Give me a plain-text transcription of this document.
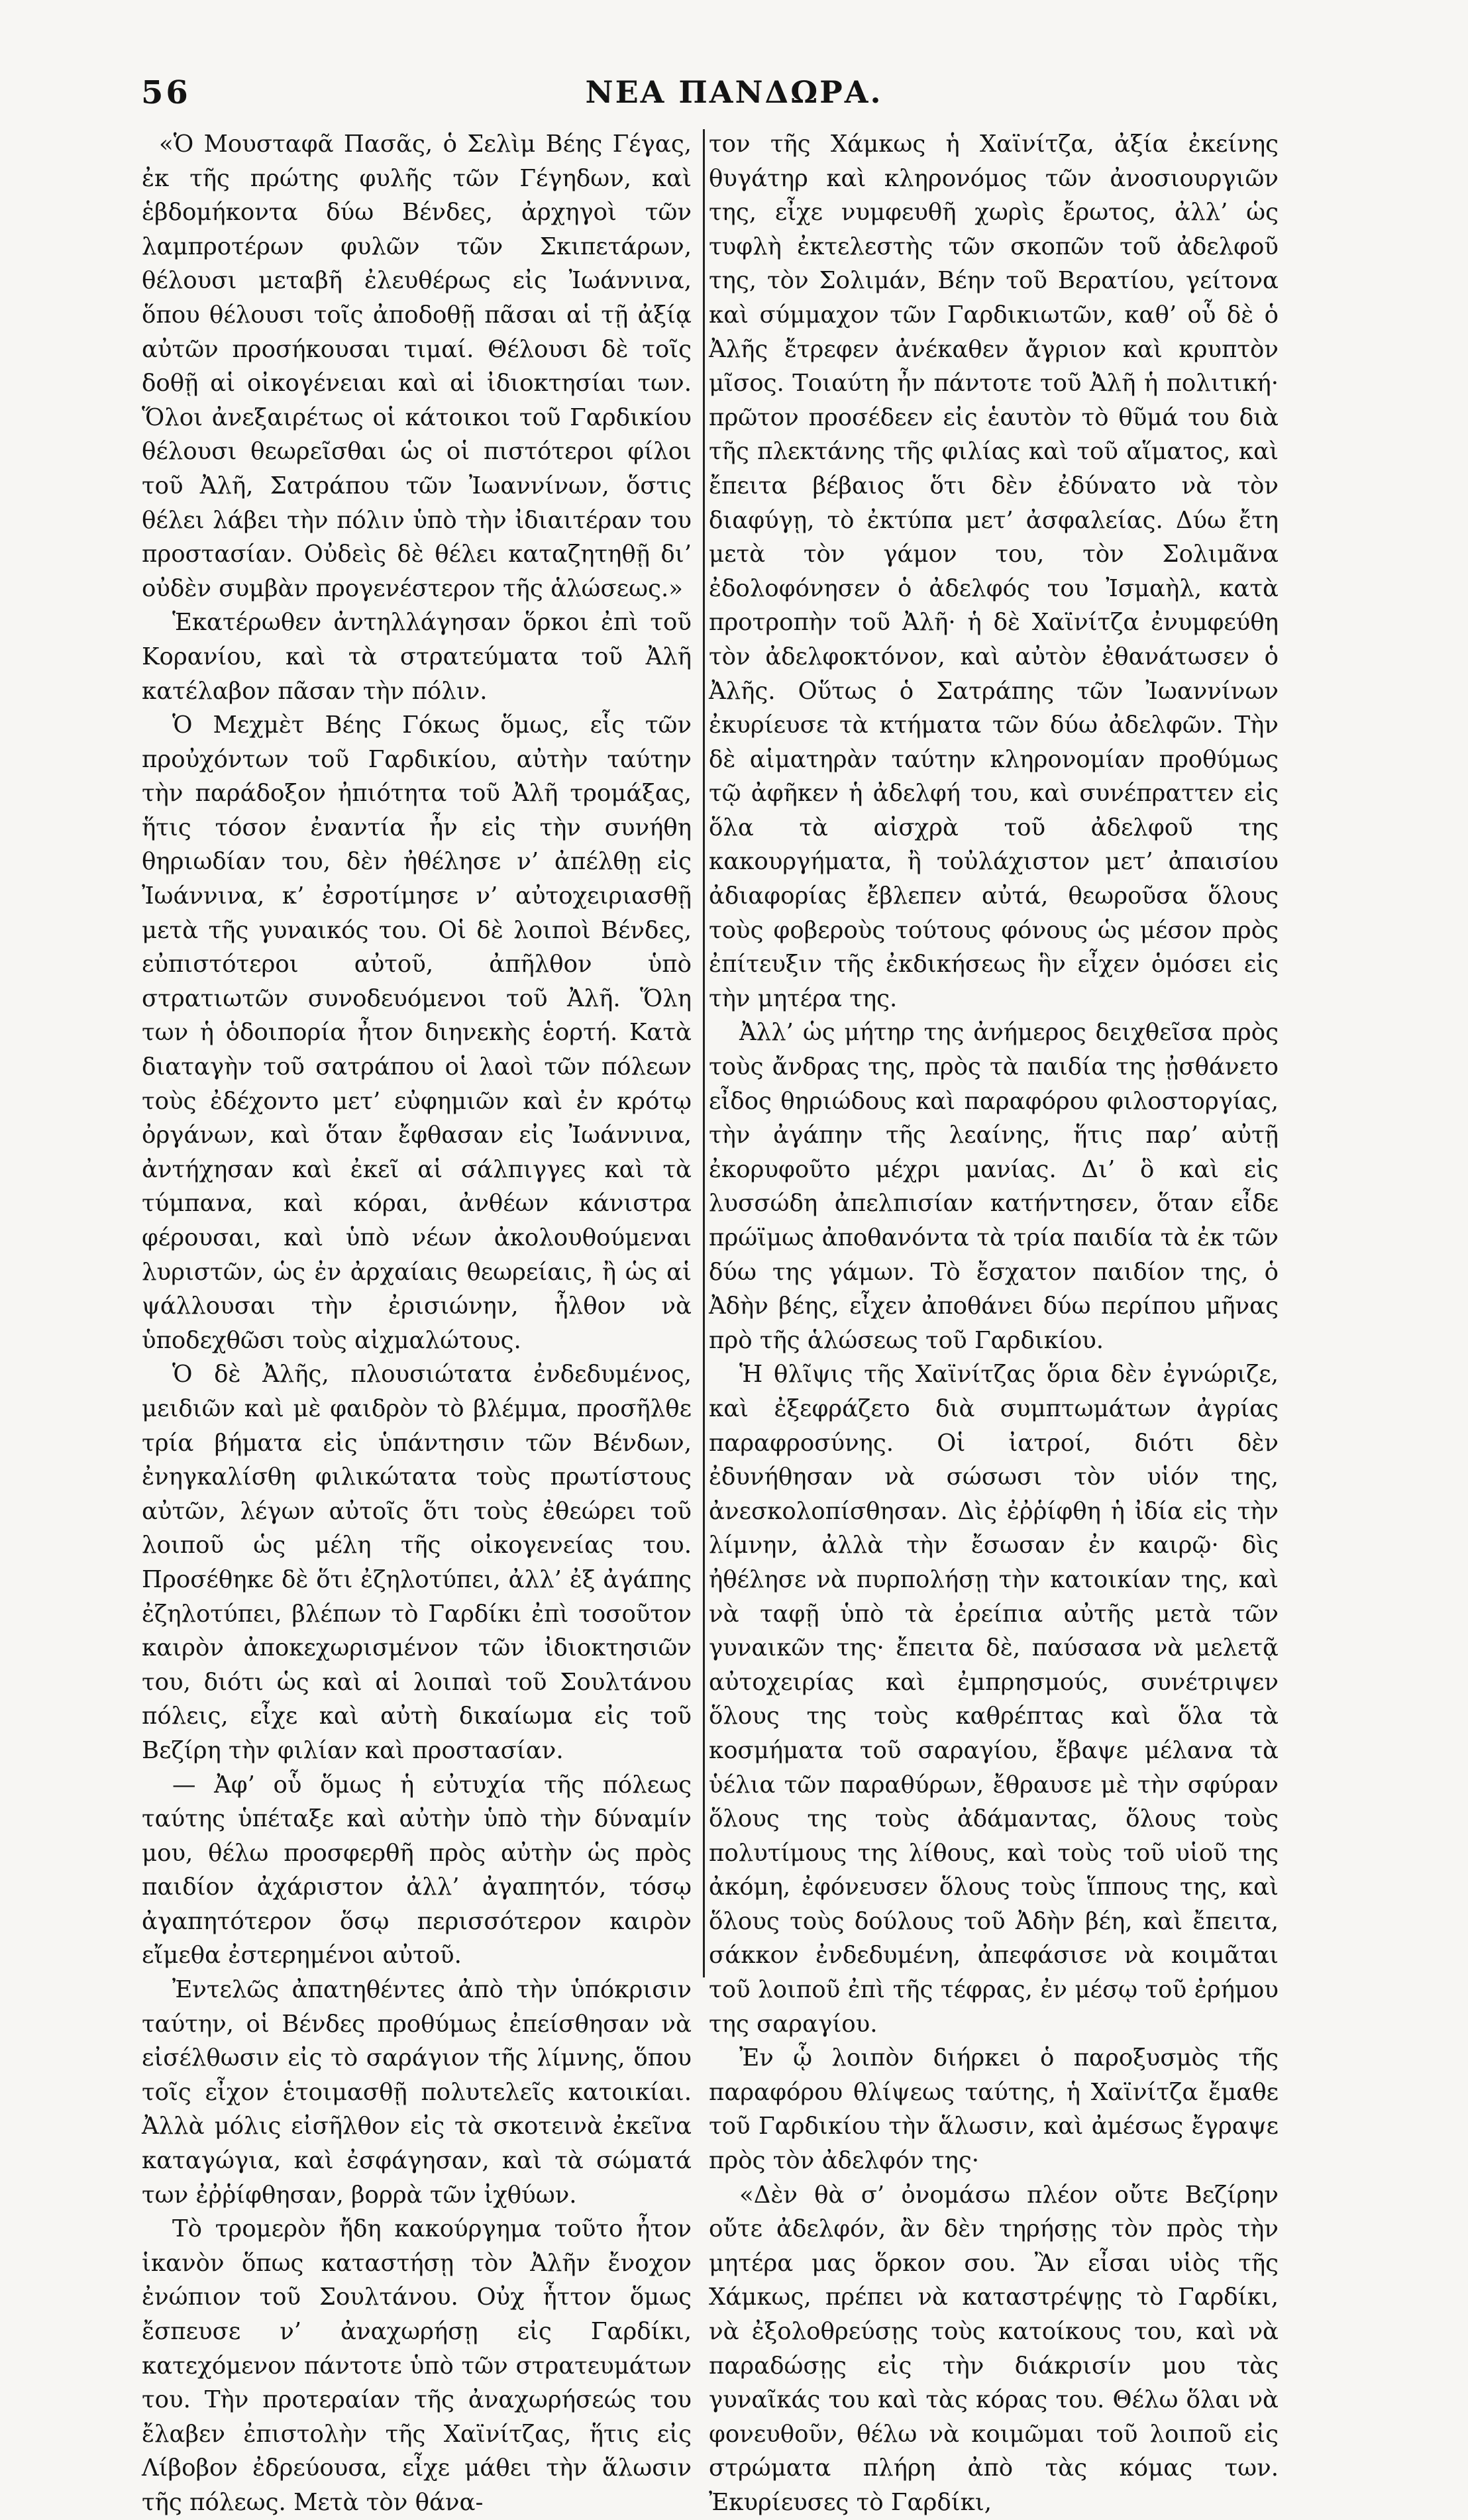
56	ΝΕΑ ΠΑΝΔΩΡΑ.

«Ὁ Μουσταφᾶ Πασᾶς, ὁ Σελὶμ Βέης Γέγας, ἐκ τῆς πρώτης φυλῆς τῶν Γέγηδων, καὶ ἑβδομήκοντα δύω Βένδες, ἀρχηγοὶ τῶν λαμπροτέρων φυλῶν τῶν Σκιπετάρων, θέλουσι μεταβῆ ἐλευθέρως εἰς Ἰωάννινα, ὅπου θέλουσι τοῖς ἀποδοθῇ πᾶσαι αἱ τῇ ἀξίᾳ αὐτῶν προσήκουσαι τιμαί. Θέλουσι δὲ τοῖς δοθῇ αἱ οἰκογένειαι καὶ αἱ ἰδιοκτησίαι των. Ὅλοι ἀνεξαιρέτως οἱ κάτοικοι τοῦ Γαρδικίου θέλουσι θεωρεῖσθαι ὡς οἱ πιστότεροι φίλοι τοῦ Ἀλῆ, Σατράπου τῶν Ἰωαννίνων, ὅστις θέλει λάβει τὴν πόλιν ὑπὸ τὴν ἰδιαιτέραν του προστασίαν. Οὐδεὶς δὲ θέλει καταζητηθῇ δι’ οὐδὲν συμβὰν προγενέστερον τῆς ἁλώσεως.»

Ἑκατέρωθεν ἀντηλλάγησαν ὅρκοι ἐπὶ τοῦ Κορανίου, καὶ τὰ στρατεύματα τοῦ Ἀλῆ κατέλαβον πᾶσαν τὴν πόλιν.

Ὁ Μεχμὲτ Βέης Γόκως ὅμως, εἷς τῶν προὐχόντων τοῦ Γαρδικίου, αὐτὴν ταύτην τὴν παράδοξον ἠπιότητα τοῦ Ἀλῆ τρομάξας, ἥτις τόσον ἐναντία ἦν εἰς τὴν συνήθη θηριωδίαν του, δὲν ἠθέλησε ν’ ἀπέλθῃ εἰς Ἰωάννινα, κ’ ἐσροτίμησε ν’ αὐτοχειριασθῇ μετὰ τῆς γυναικός του. Οἱ δὲ λοιποὶ Βένδες, εὐπιστότεροι αὐτοῦ, ἀπῆλθον ὑπὸ στρατιωτῶν συνοδευόμενοι τοῦ Ἀλῆ. Ὅλη των ἡ ὁδοιπορία ἦτον διηνεκὴς ἑορτή. Κατὰ διαταγὴν τοῦ σατράπου οἱ λαοὶ τῶν πόλεων τοὺς ἐδέχοντο μετ’ εὐφημιῶν καὶ ἐν κρότῳ ὀργάνων, καὶ ὅταν ἔφθασαν εἰς Ἰωάννινα, ἀντήχησαν καὶ ἐκεῖ αἱ σάλπιγγες καὶ τὰ τύμπανα, καὶ κόραι, ἀνθέων κάνιστρα φέρουσαι, καὶ ὑπὸ νέων ἀκολουθούμεναι λυριστῶν, ὡς ἐν ἀρχαίαις θεωρείαις, ἢ ὡς αἱ ψάλλουσαι τὴν ἐρισιώνην, ἦλθον νὰ ὑποδεχθῶσι τοὺς αἰχμαλώτους.

Ὁ δὲ Ἀλῆς, πλουσιώτατα ἐνδεδυμένος, μειδιῶν καὶ μὲ φαιδρὸν τὸ βλέμμα, προσῆλθε τρία βήματα εἰς ὑπάντησιν τῶν Βένδων, ἐνηγκαλίσθη φιλικώτατα τοὺς πρωτίστους αὐτῶν, λέγων αὐτοῖς ὅτι τοὺς ἐθεώρει τοῦ λοιποῦ ὡς μέλη τῆς οἰκογενείας του. Προσέθηκε δὲ ὅτι ἐζηλοτύπει, ἀλλ’ ἐξ ἀγάπης ἐζηλοτύπει, βλέπων τὸ Γαρδίκι ἐπὶ τοσοῦτον καιρὸν ἀποκεχωρισμένον τῶν ἰδιοκτησιῶν του, διότι ὡς καὶ αἱ λοιπαὶ τοῦ Σουλτάνου πόλεις, εἶχε καὶ αὐτὴ δικαίωμα εἰς τοῦ Βεζίρη τὴν φιλίαν καὶ προστασίαν.

— Ἀφ’ οὗ ὅμως ἡ εὐτυχία τῆς πόλεως ταύτης ὑπέταξε καὶ αὐτὴν ὑπὸ τὴν δύναμίν μου, θέλω προσφερθῆ πρὸς αὐτὴν ὡς πρὸς παιδίον ἀχάριστον ἀλλ’ ἀγαπητόν, τόσῳ ἀγαπητότερον ὅσῳ περισσότερον καιρὸν εἴμεθα ἐστερημένοι αὐτοῦ.

Ἐντελῶς ἀπατηθέντες ἀπὸ τὴν ὑπόκρισιν ταύτην, οἱ Βένδες προθύμως ἐπείσθησαν νὰ εἰσέλθωσιν εἰς τὸ σαράγιον τῆς λίμνης, ὅπου τοῖς εἶχον ἑτοιμασθῇ πολυτελεῖς κατοικίαι. Ἀλλὰ μόλις εἰσῆλθον εἰς τὰ σκοτεινὰ ἐκεῖνα καταγώγια, καὶ ἐσφάγησαν, καὶ τὰ σώματά των ἐῤῥίφθησαν, βορρὰ τῶν ἰχθύων.

Τὸ τρομερὸν ἤδη κακούργημα τοῦτο ἦτον ἱκανὸν ὅπως καταστήσῃ τὸν Ἀλῆν ἔνοχον ἐνώπιον τοῦ Σουλτάνου. Οὐχ ἧττον ὅμως ἔσπευσε ν’ ἀναχωρήσῃ εἰς Γαρδίκι, κατεχόμενον πάντοτε ὑπὸ τῶν στρατευμάτων του. Τὴν προτεραίαν τῆς ἀναχωρήσεώς του ἔλαβεν ἐπιστολὴν τῆς Χαϊνίτζας, ἥτις εἰς Λίβοβον ἐδρεύουσα, εἶχε μάθει τὴν ἅλωσιν τῆς πόλεως. Μετὰ τὸν θάνα-

τον τῆς Χάμκως ἡ Χαϊνίτζα, ἀξία ἐκείνης θυγάτηρ καὶ κληρονόμος τῶν ἀνοσιουργιῶν της, εἶχε νυμφευθῆ χωρὶς ἔρωτος, ἀλλ’ ὡς τυφλὴ ἐκτελεστὴς τῶν σκοπῶν τοῦ ἀδελφοῦ της, τὸν Σολιμάν, Βέην τοῦ Βερατίου, γείτονα καὶ σύμμαχον τῶν Γαρδικιωτῶν, καθ’ οὗ δὲ ὁ Ἀλῆς ἔτρεφεν ἀνέκαθεν ἄγριον καὶ κρυπτὸν μῖσος. Τοιαύτη ἦν πάντοτε τοῦ Ἀλῆ ἡ πολιτική· πρῶτον προσέδεεν εἰς ἑαυτὸν τὸ θῦμά του διὰ τῆς πλεκτάνης τῆς φιλίας καὶ τοῦ αἵματος, καὶ ἔπειτα βέβαιος ὅτι δὲν ἐδύνατο νὰ τὸν διαφύγῃ, τὸ ἐκτύπα μετ’ ἀσφαλείας. Δύω ἔτη μετὰ τὸν γάμον του, τὸν Σολιμᾶνα ἐδολοφόνησεν ὁ ἀδελφός του Ἰσμαὴλ, κατὰ προτροπὴν τοῦ Ἀλῆ· ἡ δὲ Χαϊνίτζα ἐνυμφεύθη τὸν ἀδελφοκτόνον, καὶ αὐτὸν ἐθανάτωσεν ὁ Ἀλῆς. Οὕτως ὁ Σατράπης τῶν Ἰωαννίνων ἐκυρίευσε τὰ κτήματα τῶν δύω ἀδελφῶν. Τὴν δὲ αἱματηρὰν ταύτην κληρονομίαν προθύμως τῷ ἀφῆκεν ἡ ἀδελφή του, καὶ συνέπραττεν εἰς ὅλα τὰ αἰσχρὰ τοῦ ἀδελφοῦ της κακουργήματα, ἢ τοὐλάχιστον μετ’ ἀπαισίου ἀδιαφορίας ἔβλεπεν αὐτά, θεωροῦσα ὅλους τοὺς φοβεροὺς τούτους φόνους ὡς μέσον πρὸς ἐπίτευξιν τῆς ἐκδικήσεως ἣν εἶχεν ὁμόσει εἰς τὴν μητέρα της.

Ἀλλ’ ὡς μήτηρ της ἀνήμερος δειχθεῖσα πρὸς τοὺς ἄνδρας της, πρὸς τὰ παιδία της ᾐσθάνετο εἶδος θηριώδους καὶ παραφόρου φιλοστοργίας, τὴν ἀγάπην τῆς λεαίνης, ἥτις παρ’ αὐτῇ ἐκορυφοῦτο μέχρι μανίας. Δι’ ὃ καὶ εἰς λυσσώδη ἀπελπισίαν κατήντησεν, ὅταν εἶδε πρώϊμως ἀποθανόντα τὰ τρία παιδία τὰ ἐκ τῶν δύω της γάμων. Τὸ ἔσχατον παιδίον της, ὁ Ἀδὴν βέης, εἶχεν ἀποθάνει δύω περίπου μῆνας πρὸ τῆς ἁλώσεως τοῦ Γαρδικίου.

Ἡ θλῖψις τῆς Χαϊνίτζας ὅρια δὲν ἐγνώριζε, καὶ ἐξεφράζετο διὰ συμπτωμάτων ἀγρίας παραφροσύνης. Οἱ ἰατροί, διότι δὲν ἐδυνήθησαν νὰ σώσωσι τὸν υἱόν της, ἀνεσκολοπίσθησαν. Δὶς ἐῤῥίφθη ἡ ἰδία εἰς τὴν λίμνην, ἀλλὰ τὴν ἔσωσαν ἐν καιρῷ· δὶς ἠθέλησε νὰ πυρπολήσῃ τὴν κατοικίαν της, καὶ νὰ ταφῇ ὑπὸ τὰ ἐρείπια αὐτῆς μετὰ τῶν γυναικῶν της· ἔπειτα δὲ, παύσασα νὰ μελετᾷ αὐτοχειρίας καὶ ἐμπρησμούς, συνέτριψεν ὅλους της τοὺς καθρέπτας καὶ ὅλα τὰ κοσμήματα τοῦ σαραγίου, ἔβαψε μέλανα τὰ ὑέλια τῶν παραθύρων, ἔθραυσε μὲ τὴν σφύραν ὅλους της τοὺς ἀδάμαντας, ὅλους τοὺς πολυτίμους της λίθους, καὶ τοὺς τοῦ υἱοῦ της ἀκόμη, ἐφόνευσεν ὅλους τοὺς ἵππους της, καὶ ὅλους τοὺς δούλους τοῦ Ἀδὴν βέη, καὶ ἔπειτα, σάκκον ἐνδεδυμένη, ἀπεφάσισε νὰ κοιμᾶται τοῦ λοιποῦ ἐπὶ τῆς τέφρας, ἐν μέσῳ τοῦ ἐρήμου της σαραγίου.

Ἐν ᾧ λοιπὸν διήρκει ὁ παροξυσμὸς τῆς παραφόρου θλίψεως ταύτης, ἡ Χαϊνίτζα ἔμαθε τοῦ Γαρδικίου τὴν ἅλωσιν, καὶ ἀμέσως ἔγραψε πρὸς τὸν ἀδελφόν της·

«Δὲν θὰ σ’ ὀνομάσω πλέον οὔτε Βεζίρην οὔτε ἀδελφόν, ἂν δὲν τηρήσῃς τὸν πρὸς τὴν μητέρα μας ὅρκον σου. Ἂν εἶσαι υἱὸς τῆς Χάμκως, πρέπει νὰ καταστρέψῃς τὸ Γαρδίκι, νὰ ἐξολοθρεύσῃς τοὺς κατοίκους του, καὶ νὰ παραδώσῃς εἰς τὴν διάκρισίν μου τὰς γυναῖκάς του καὶ τὰς κόρας του. Θέλω ὅλαι νὰ φονευθοῦν, θέλω νὰ κοιμῶμαι τοῦ λοιποῦ εἰς στρώματα πλήρη ἀπὸ τὰς κόμας των. Ἐκυρίευσες τὸ Γαρδίκι,
